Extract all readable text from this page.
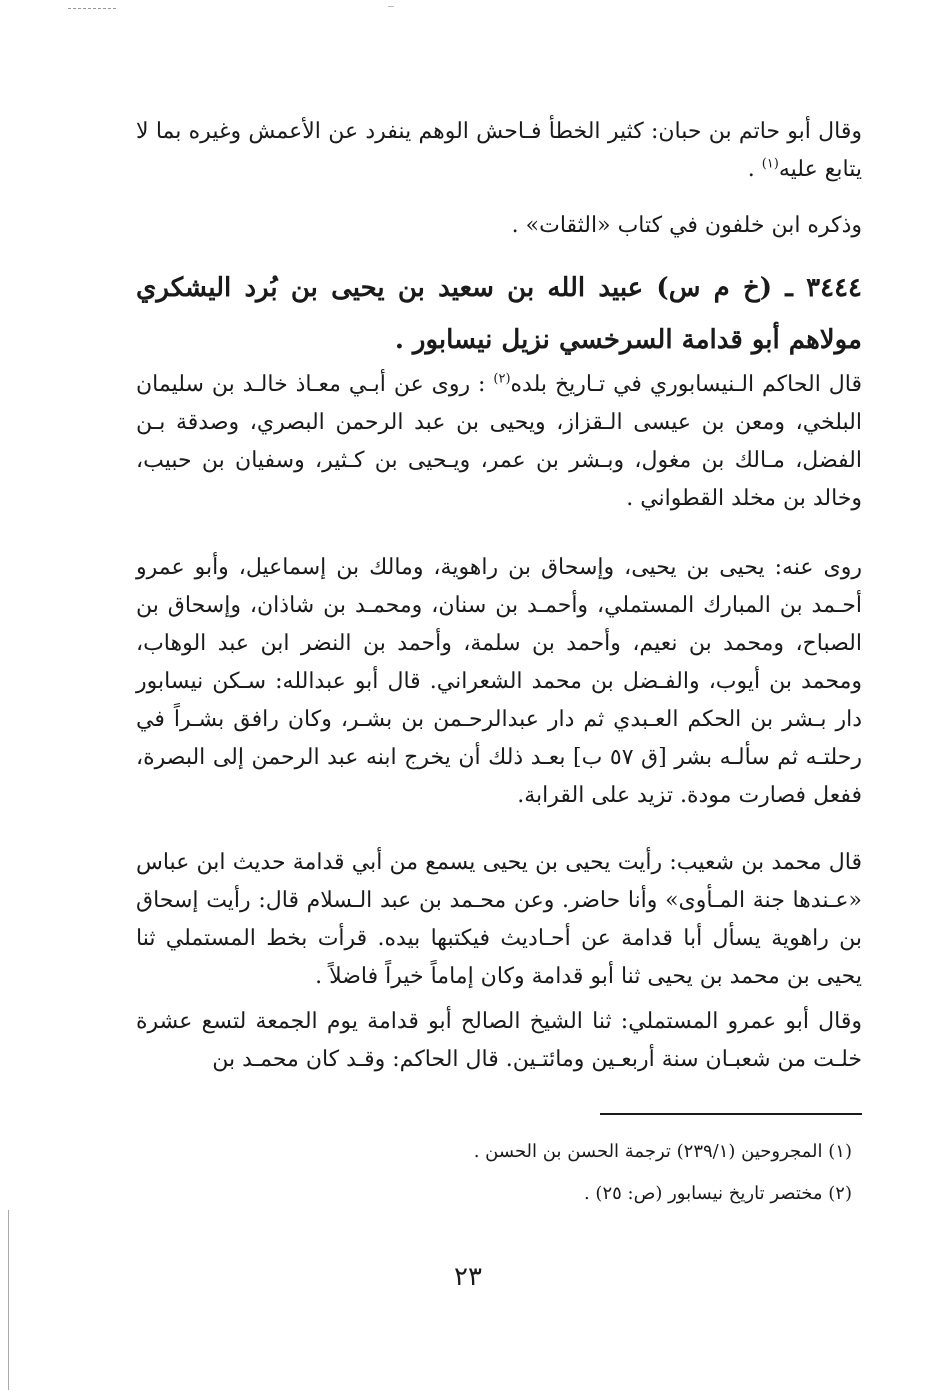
وقال أبو حاتم بن حبان: كثير الخطأ فـاحش الوهم ينفرد عن الأعمش وغيره بما لا يتابع عليه$^{(١)}$ .
وذكره ابن خلفون في كتاب «الثقات» .
٣٤٤٤ ـ (خ م س) عبيد الله بن سعيد بن يحيى بن بُرد اليشكري مولاهم أبو قدامة السرخسي نزيل نيسابور .
قال الحاكم الـنيسابوري في تـاريخ بلده$^{(٢)}$ : روى عن أبـي معـاذ خالـد بن سليمان البلخي، ومعن بن عيسى الـقزاز، ويحيى بن عبد الرحمن البصري، وصدقة بـن الفضل، مـالك بن مغول، وبـشر بن عمر، ويـحيى بن كـثير، وسفيان بن حبيب، وخالد بن مخلد القطواني .
روى عنه: يحيى بن يحيى، وإسحاق بن راهوية، ومالك بن إسماعيل، وأبو عمرو أحـمد بن المبارك المستملي، وأحمـد بن سنان، ومحمـد بن شاذان، وإسحاق بن الصباح، ومحمد بن نعيم، وأحمد بن سلمة، وأحمد بن النضر ابن عبد الوهاب، ومحمد بن أيوب، والفـضل بن محمد الشعراني. قال أبو عبدالله: سـكن نيسابور دار بـشر بن الحكم العـبدي ثم دار عبدالرحـمن بن بشـر، وكان رافق بشـراً في رحلتـه ثم سألـه بشر [ق ٥٧ ب] بعـد ذلك أن يخرج ابنه عبد الرحمن إلى البصرة، ففعل فصارت مودة. تزيد على القرابة.
قال محمد بن شعيب: رأيت يحيى بن يحيى يسمع من أبي قدامة حديث ابن عباس «عـندها جنة المـأوى» وأنا حاضر. وعن محـمد بن عبد الـسلام قال: رأيت إسحاق بن راهوية يسأل أبا قدامة عن أحـاديث فيكتبها بيده. قرأت بخط المستملي ثنا يحيى بن محمد بن يحيى ثنا أبو قدامة وكان إماماً خيراً فاضلاً .
وقال أبو عمرو المستملي: ثنا الشيخ الصالح أبو قدامة يوم الجمعة لتسع عشرة خلـت من شعبـان سنة أربعـين ومائتـين. قال الحاكم: وقـد كان محمـد بن
(١) المجروحين (٢٣٩/١) ترجمة الحسن بن الحسن .
(٢) مختصر تاريخ نيسابور (ص: ٢٥) .
٢٣
